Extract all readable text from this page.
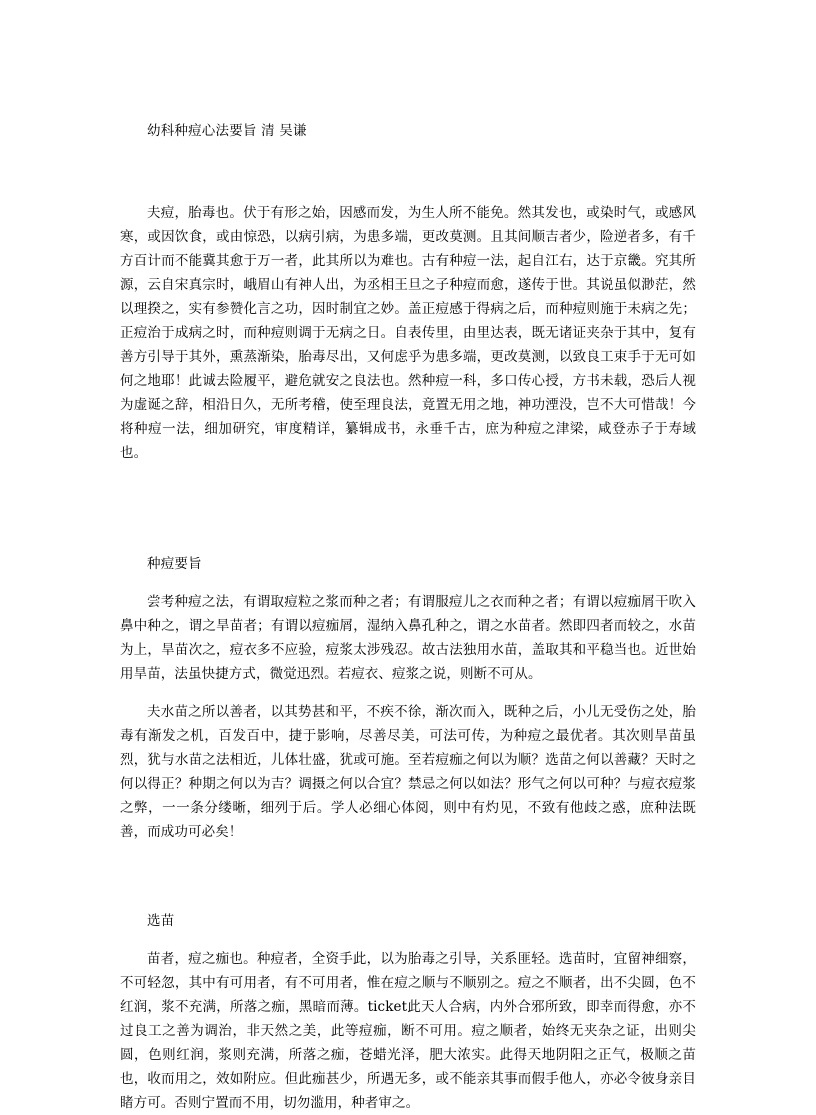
幼科种痘心法要旨 清 吴谦

夫痘，胎毒也。伏于有形之始，因感而发，为生人所不能免。然其发也，或染时气，或感风寒，或因饮食，或由惊恐，以病引病，为患多端，更改莫测。且其间顺吉者少，险逆者多，有千方百计而不能冀其愈于万一者，此其所以为难也。古有种痘一法，起自江右，达于京畿。究其所源，云自宋真宗时，峨眉山有神人出，为丞相王旦之子种痘而愈，遂传于世。其说虽似渺茫，然以理揆之，实有参赞化言之功，因时制宜之妙。盖正痘感于得病之后，而种痘则施于未病之先；正痘治于成病之时，而种痘则调于无病之日。自表传里，由里达表，既无诸证夹杂于其中，复有善方引导于其外，熏蒸渐染，胎毒尽出，又何虑乎为患多端，更改莫测，以致良工束手于无可如何之地耶！此诚去险履平，避危就安之良法也。然种痘一科，多口传心授，方书未载，恐后人视为虚诞之辞，相沿日久，无所考稽，使至理良法，竟置无用之地，神功湮没，岂不大可惜哉！今将种痘一法，细加研究，审度精详，纂辑成书，永垂千古，庶为种痘之津梁，咸登赤子于寿域也。

种痘要旨

尝考种痘之法，有谓取痘粒之浆而种之者；有谓服痘儿之衣而种之者；有谓以痘痂屑干吹入鼻中种之，谓之旱苗者；有谓以痘痂屑，湿纳入鼻孔种之，谓之水苗者。然即四者而较之，水苗为上，旱苗次之，痘衣多不应验，痘浆太涉残忍。故古法独用水苗，盖取其和平稳当也。近世始用旱苗，法虽快捷方式，微觉迅烈。若痘衣、痘浆之说，则断不可从。

夫水苗之所以善者，以其势甚和平，不疾不徐，渐次而入，既种之后，小儿无受伤之处，胎毒有渐发之机，百发百中，捷于影响，尽善尽美，可法可传，为种痘之最优者。其次则旱苗虽烈，犹与水苗之法相近，儿体壮盛，犹或可施。至若痘痂之何以为顺？选苗之何以善藏？天时之何以得正？种期之何以为吉？调摄之何以合宜？禁忌之何以如法？形气之何以可种？与痘衣痘浆之弊，一一条分缕晰，细列于后。学人必细心体阅，则中有灼见，不致有他歧之惑，庶种法既善，而成功可必矣！

选苗

苗者，痘之痂也。种痘者，全资手此，以为胎毒之引导，关系匪轻。选苗时，宜留神细察，不可轻忽，其中有可用者，有不可用者，惟在痘之顺与不顺别之。痘之不顺者，出不尖圆，色不红润，浆不充满，所落之痂，黑暗而薄。ticket此天人合病，内外合邪所致，即幸而得愈，亦不过良工之善为调治，非天然之美，此等痘痂，断不可用。痘之顺者，始终无夹杂之证，出则尖圆，色则红润，浆则充满，所落之痂，苍蜡光泽，肥大浓实。此得天地阴阳之正气，极顺之苗也，收而用之，效如附应。但此痂甚少，所遇无多，或不能亲其事而假手他人，亦必令彼身亲目睹方可。否则宁置而不用，切勿滥用，种者审之。
